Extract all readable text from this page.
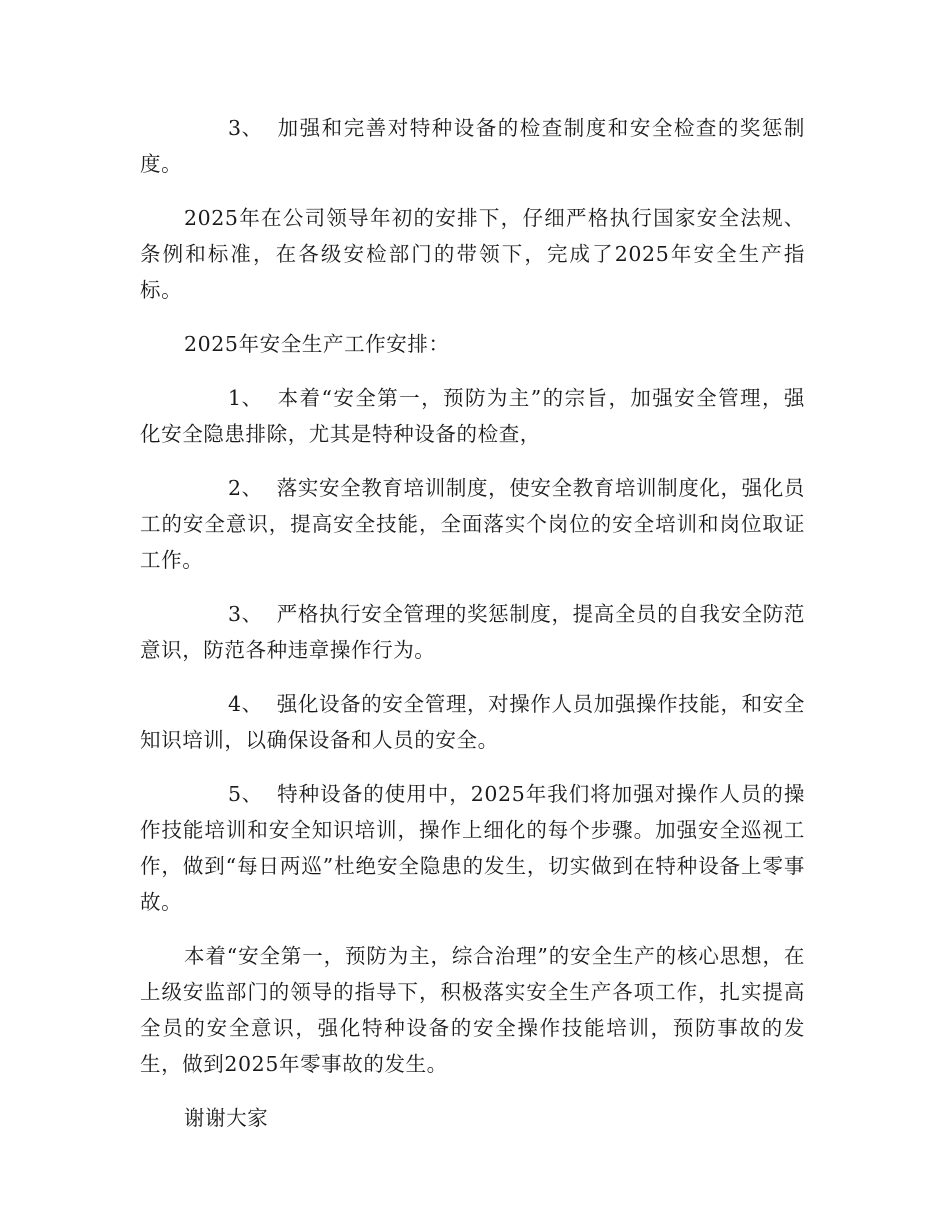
3、 加强和完善对特种设备的检查制度和安全检查的奖惩制度。

2025年在公司领导年初的安排下，仔细严格执行国家安全法规、条例和标准，在各级安检部门的带领下，完成了2025年安全生产指标。

2025年安全生产工作安排：

1、 本着“安全第一，预防为主”的宗旨，加强安全管理，强化安全隐患排除，尤其是特种设备的检查，

2、 落实安全教育培训制度，使安全教育培训制度化，强化员工的安全意识，提高安全技能，全面落实个岗位的安全培训和岗位取证工作。

3、 严格执行安全管理的奖惩制度，提高全员的自我安全防范意识，防范各种违章操作行为。

4、 强化设备的安全管理，对操作人员加强操作技能，和安全知识培训，以确保设备和人员的安全。

5、 特种设备的使用中，2025年我们将加强对操作人员的操作技能培训和安全知识培训，操作上细化的每个步骤。加强安全巡视工作，做到“每日两巡”杜绝安全隐患的发生，切实做到在特种设备上零事故。

本着“安全第一，预防为主，综合治理”的安全生产的核心思想，在上级安监部门的领导的指导下，积极落实安全生产各项工作，扎实提高全员的安全意识，强化特种设备的安全操作技能培训，预防事故的发生，做到2025年零事故的发生。

谢谢大家
